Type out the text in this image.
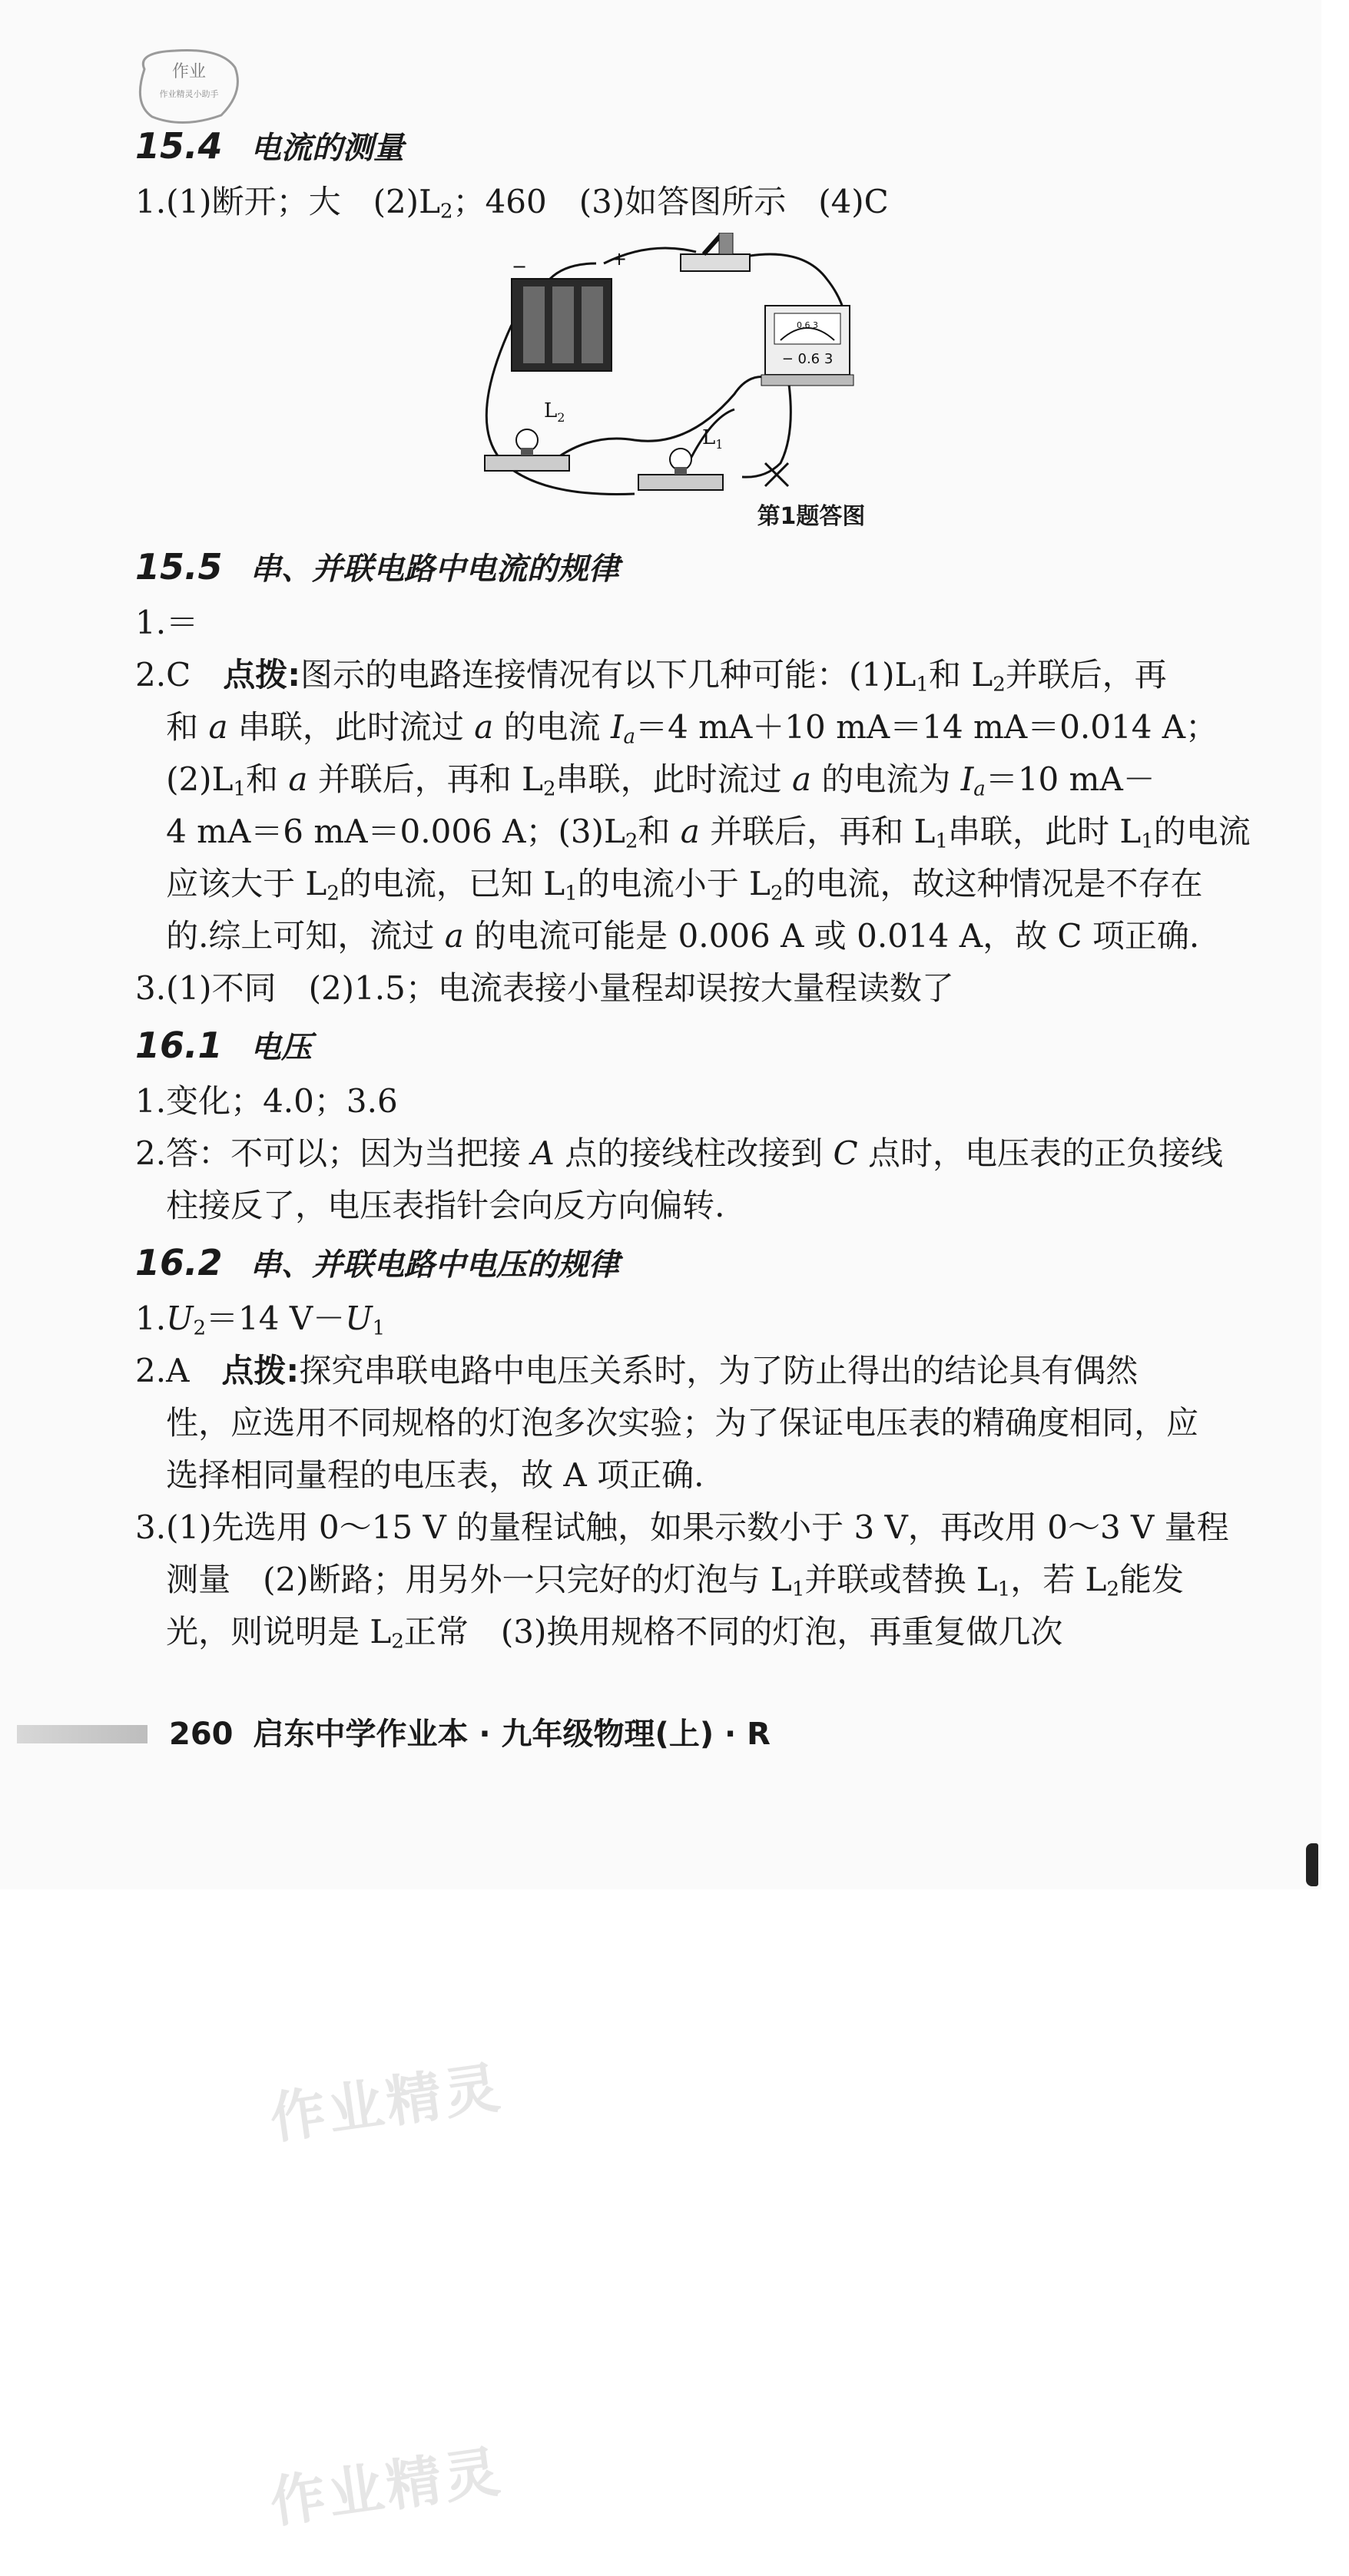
作业
作业精灵小助手
15.4 电流的测量
1. (1)断开；大　$(2)L_2$；460　(3)如答图所示　(4)C
−	+
0.6 3
− 0.6 3
$L_2$
$L_1$
第1题答图
15.5 串、并联电路中电流的规律
1. ＝
2. C　点拨:图示的电路连接情况有以下几种可能：$(1)L_1$和 $L_2$并联后，再
和 a 串联，此时流过 a 的电流 $I_a=4$ mA＋10 mA＝14 mA＝0.014 A；
$(2)L_1$和 a 并联后，再和 $L_2$串联，此时流过 a 的电流为 $I_a=10$ mA－
4 mA＝6 mA＝0.006 A；$(3)L_2$和 a 并联后，再和 $L_1$串联，此时 $L_1$的电流
应该大于 $L_2$的电流，已知 $L_1$的电流小于 $L_2$的电流，故这种情况是不存在
的.综上可知，流过 a 的电流可能是 0.006 A 或 0.014 A，故 C 项正确.
3. (1)不同　(2)1.5；电流表接小量程却误按大量程读数了
16.1 电压
1. 变化；4.0；3.6
2. 答：不可以；因为当把接 A 点的接线柱改接到 C 点时，电压表的正负接线
柱接反了，电压表指针会向反方向偏转.
16.2 串、并联电路中电压的规律
1. $U_2=14$ $V-U_1$
2. A　点拨:探究串联电路中电压关系时，为了防止得出的结论具有偶然
性，应选用不同规格的灯泡多次实验；为了保证电压表的精确度相同，应
选择相同量程的电压表，故 A 项正确.
3. (1)先选用 0～15 V 的量程试触，如果示数小于 3 V，再改用 0～3 V 量程
测量　(2)断路；用另外一只完好的灯泡与 $L_1$并联或替换 $L_1$，若 $L_2$能发
光，则说明是 $L_2$正常　(3)换用规格不同的灯泡，再重复做几次
260 启东中学作业本 · 九年级物理(上) · R
作业精灵
作业精灵
